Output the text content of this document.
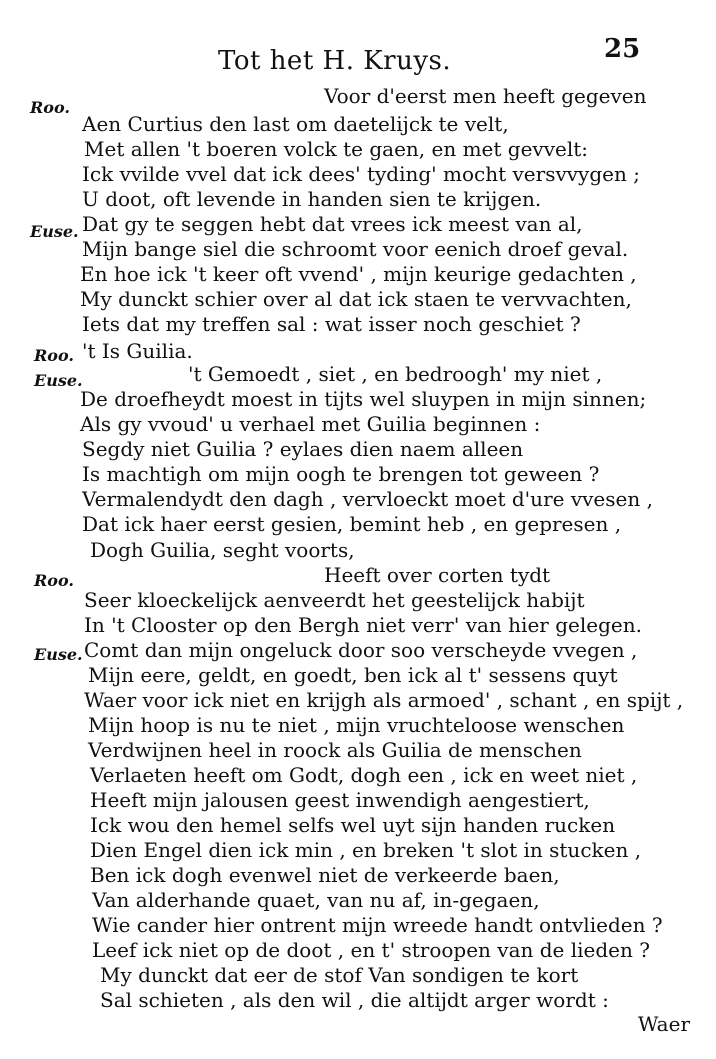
Tot het H. Kruys.	25
Roo.
Euse.
Roo.
Euse.
Roo.
Euse.
Voor d'eerst men heeft gegeven
Aen Curtius den last om daetelijck te velt,
Met allen 't boeren volck te gaen, en met gevvelt:
Ick vvilde vvel dat ick dees' tyding' mocht versvvygen ;
U doot, oft levende in handen sien te krijgen.
Dat gy te seggen hebt dat vrees ick meest van al,
Mijn bange siel die schroomt voor eenich droef geval.
En hoe ick 't keer oft vvend' , mijn keurige gedachten ,
My dunckt schier over al dat ick staen te vervvachten,
Iets dat my treffen sal : wat isser noch geschiet ?
't Is Guilia.
't Gemoedt , siet , en bedroogh' my niet ,
De droefheydt moest in tijts wel sluypen in mijn sinnen;
Als gy vvoud' u verhael met Guilia beginnen :
Segdy niet Guilia ? eylaes dien naem alleen
Is machtigh om mijn oogh te brengen tot geween ?
Vermalendydt den dagh , vervloeckt moet d'ure vvesen ,
Dat ick haer eerst gesien, bemint heb , en gepresen ,
Dogh Guilia, seght voorts,
Heeft over corten tydt
Seer kloeckelijck aenveerdt het geestelijck habijt
In 't Clooster op den Bergh niet verr' van hier gelegen.
Comt dan mijn ongeluck door soo verscheyde vvegen ,
Mijn eere, geldt, en goedt, ben ick al t' sessens quyt
Waer voor ick niet en krijgh als armoed' , schant , en spijt ,
Mijn hoop is nu te niet , mijn vruchteloose wenschen
Verdwijnen heel in roock als Guilia de menschen
Verlaeten heeft om Godt, dogh een , ick en weet niet ,
Heeft mijn jalousen geest inwendigh aengestiert,
Ick wou den hemel selfs wel uyt sijn handen rucken
Dien Engel dien ick min , en breken 't slot in stucken ,
Ben ick dogh evenwel niet de verkeerde baen,
Van alderhande quaet, van nu af, in-gegaen,
Wie cander hier ontrent mijn wreede handt ontvlieden ?
Leef ick niet op de doot , en t' stroopen van de lieden ?
My dunckt dat eer de stof Van sondigen te kort
Sal schieten , als den wil , die altijdt arger wordt :
Waer
